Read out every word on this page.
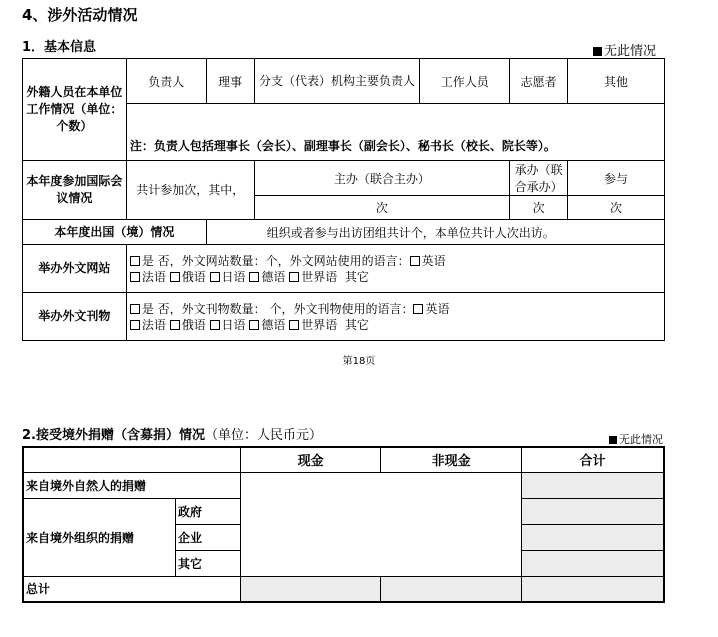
4、涉外活动情况
1．基本信息	无此情况
外籍人员在本单位工作情况（单位：个数）	负责人	理事	分支（代表）机构主要负责人	工作人员	志愿者	其他
	注：负责人包括理事长（会长）、副理事长（副会长）、秘书长（校长、院长等）。					
本年度参加国际会议情况	共计参加次，其中，		主办（联合主办）		承办（联合承办）	参与
			次		次	次
本年度出国（境）情况		组织或者参与出访团组共计个，本单位共计人次出访。				
举办外文网站	是 否，外文网站数量：个，外文网站使用的语言： 英语
法语 俄语 日语 德语 世界语 其它					

举办外文刊物	是 否，外文刊物数量： 个，外文刊物使用的语言： 英语
法语 俄语 日语 德语 世界语 其它					
第18页
2.接受境外捐赠（含募捐）情况（单位：人民币元）	无此情况
		现金	非现金	合计
来自境外自然人的捐赠				
来自境外组织的捐赠	政府			
	企业			
	其它			
总计				
